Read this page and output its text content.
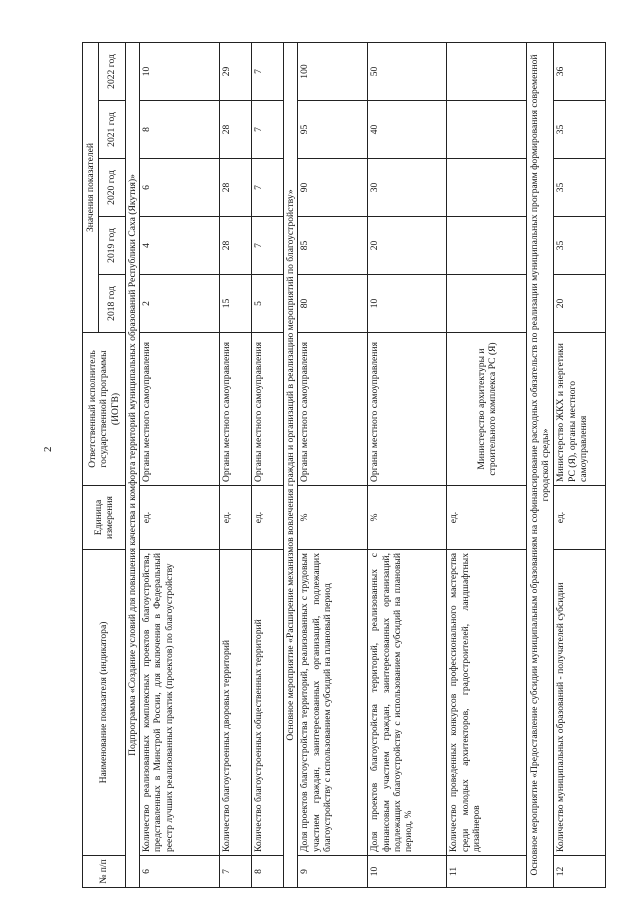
2
№ п/п	Наименование показателя (индикатора)	Единица измерения	Ответственный исполнитель государственной программы (ИОГВ)	Значения показателей				
				2018 год	2019 год	2020 год	2021 год	2022 год
Подпрограмма «Создание условий для повышения качества и комфорта территорий муниципальных образований Республики Саха (Якутия)»								
6	Количество реализованных комплексных проектов благоустройства, представленных в Минстрой России, для включения в Федеральный реестр лучших реализованных практик (проектов) по благоустройству	ед.	Органы местного самоуправления	2	4	6	8	10
7	Количество благоустроенных дворовых территорий	ед.	Органы местного самоуправления	15	28	28	28	29
8	Количество благоустроенных общественных территорий	ед.	Органы местного самоуправления	5	7	7	7	7
Основное мероприятие «Расширение механизмов вовлечения граждан и организаций в реализацию мероприятий по благоустройству»								
9	Доля проектов благоустройства территорий, реализованных с трудовым участием граждан, заинтересованных организаций, подлежащих благоустройству с использованием субсидий на плановый период	%	Органы местного самоуправления	80	85	90	95	100
10	Доля проектов благоустройства территорий, реализованных с финансовым участием граждан, заинтересованных организаций, подлежащих благоустройству с использованием субсидий на плановый период, %	%	Органы местного самоуправления	10	20	30	40	50
11	Количество проведенных конкурсов профессионального мастерства среди молодых архитекторов, градостроителей, ландшафтных дизайнеров	ед.	Министерство архитектуры и строительного комплекса РС (Я)					
Основное мероприятие «Предоставление субсидии муниципальным образованиям на софинансирование расходных обязательств по реализации муниципальных программ формирования современной городской среды»								
12	Количество муниципальных образований - получателей субсидии	ед.	Министерство ЖКХ и энергетики РС (Я), органы местного самоуправления	20	35	35	35	36
